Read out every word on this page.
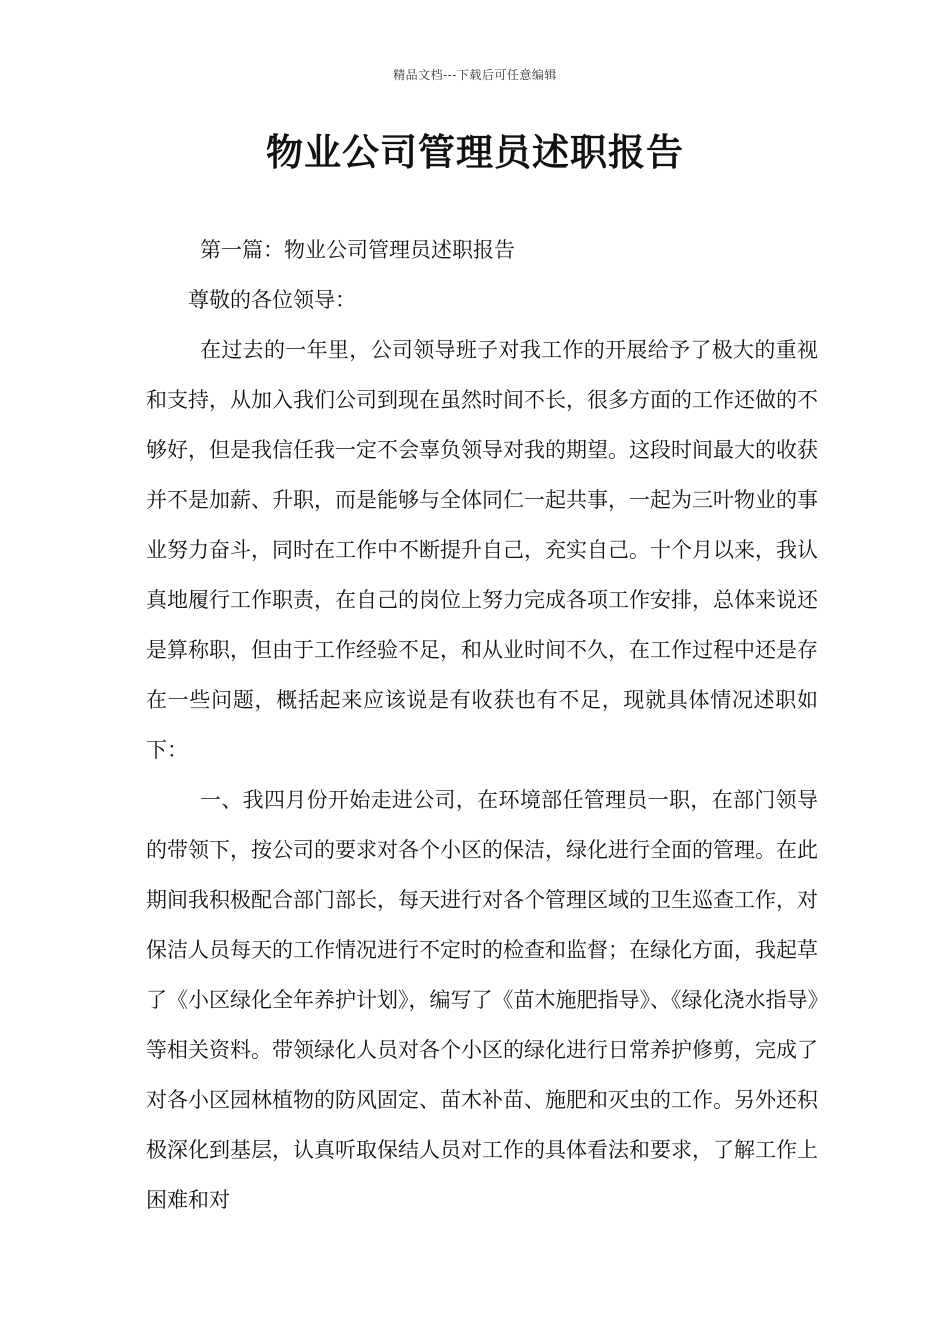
精品文档---下载后可任意编辑
物业公司管理员述职报告

第一篇：物业公司管理员述职报告

尊敬的各位领导：

在过去的一年里，公司领导班子对我工作的开展给予了极大的重视和支持，从加入我们公司到现在虽然时间不长，很多方面的工作还做的不够好，但是我信任我一定不会辜负领导对我的期望。这段时间最大的收获并不是加薪、升职，而是能够与全体同仁一起共事，一起为三叶物业的事业努力奋斗，同时在工作中不断提升自己，充实自己。十个月以来，我认真地履行工作职责，在自己的岗位上努力完成各项工作安排，总体来说还是算称职，但由于工作经验不足，和从业时间不久，在工作过程中还是存在一些问题，概括起来应该说是有收获也有不足，现就具体情况述职如下：

一、我四月份开始走进公司，在环境部任管理员一职，在部门领导的带领下，按公司的要求对各个小区的保洁，绿化进行全面的管理。在此期间我积极配合部门部长，每天进行对各个管理区域的卫生巡查工作，对保洁人员每天的工作情况进行不定时的检查和监督；在绿化方面，我起草了《小区绿化全年养护计划》，编写了《苗木施肥指导》、《绿化浇水指导》等相关资料。带领绿化人员对各个小区的绿化进行日常养护修剪，完成了对各小区园林植物的防风固定、苗木补苗、施肥和灭虫的工作。另外还积极深化到基层，认真听取保结人员对工作的具体看法和要求，了解工作上困难和对
